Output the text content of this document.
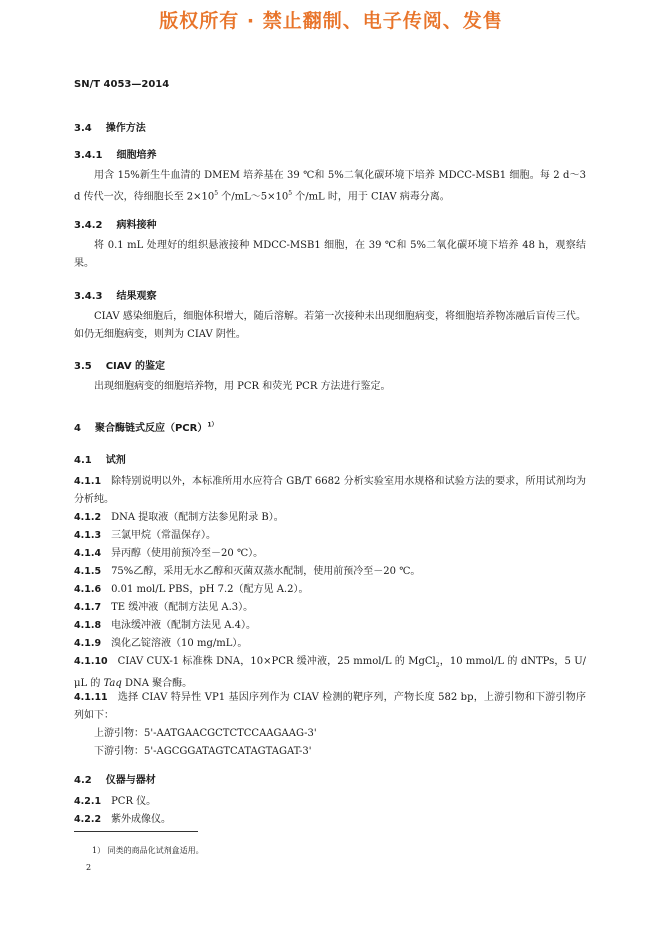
版权所有 · 禁止翻制、电子传阅、发售
SN/T 4053—2014
3.4 操作方法
3.4.1 细胞培养
用含 15%新生牛血清的 DMEM 培养基在 39 ℃和 5%二氧化碳环境下培养 MDCC-MSB1 细胞。每 2 d～3 d 传代一次，待细胞长至 $2\times 10^5$ 个$/mL\sim 5\times 10^5$ 个/mL 时，用于 CIAV 病毒分离。
3.4.2 病料接种
将 0.1 mL 处理好的组织悬液接种 MDCC-MSB1 细胞，在 39 ℃和 5%二氧化碳环境下培养 48 h，观察结果。
3.4.3 结果观察
CIAV 感染细胞后，细胞体积增大，随后溶解。若第一次接种未出现细胞病变，将细胞培养物冻融后盲传三代。如仍无细胞病变，则判为 CIAV 阴性。
3.5 CIAV 的鉴定
出现细胞病变的细胞培养物，用 PCR 和荧光 PCR 方法进行鉴定。
4 聚合酶链式反应（PCR）$^{1)}$
4.1 试剂
4.1.1 除特别说明以外，本标准所用水应符合 GB/T 6682 分析实验室用水规格和试验方法的要求，所用试剂均为分析纯。
4.1.2 DNA 提取液（配制方法参见附录 B）。
4.1.3 三氯甲烷（常温保存）。
4.1.4 异丙醇（使用前预冷至－20 ℃）。
4.1.5 75%乙醇，采用无水乙醇和灭菌双蒸水配制，使用前预冷至－20 ℃。
4.1.6 0.01 mol/L PBS，pH 7.2（配方见 A.2）。
4.1.7 TE 缓冲液（配制方法见 A.3）。
4.1.8 电泳缓冲液（配制方法见 A.4）。
4.1.9 溴化乙锭溶液（10 mg/mL）。
4.1.10 CIAV CUX-1 标准株 DNA，10×PCR 缓冲液，25 mmol/L 的 MgCl$_2$，10 mmol/L 的 dNTPs，5 U/μL 的 Taq DNA 聚合酶。
4.1.11 选择 CIAV 特异性 VP1 基因序列作为 CIAV 检测的靶序列，产物长度 582 bp，上游引物和下游引物序列如下：
上游引物：5'-AATGAACGCTCTCCAAGAAG-3'
下游引物：5'-AGCGGATAGTCATAGTAGAT-3'
4.2 仪器与器材
4.2.1 PCR 仪。
4.2.2 紫外成像仪。
1） 同类的商品化试剂盒适用。
2
